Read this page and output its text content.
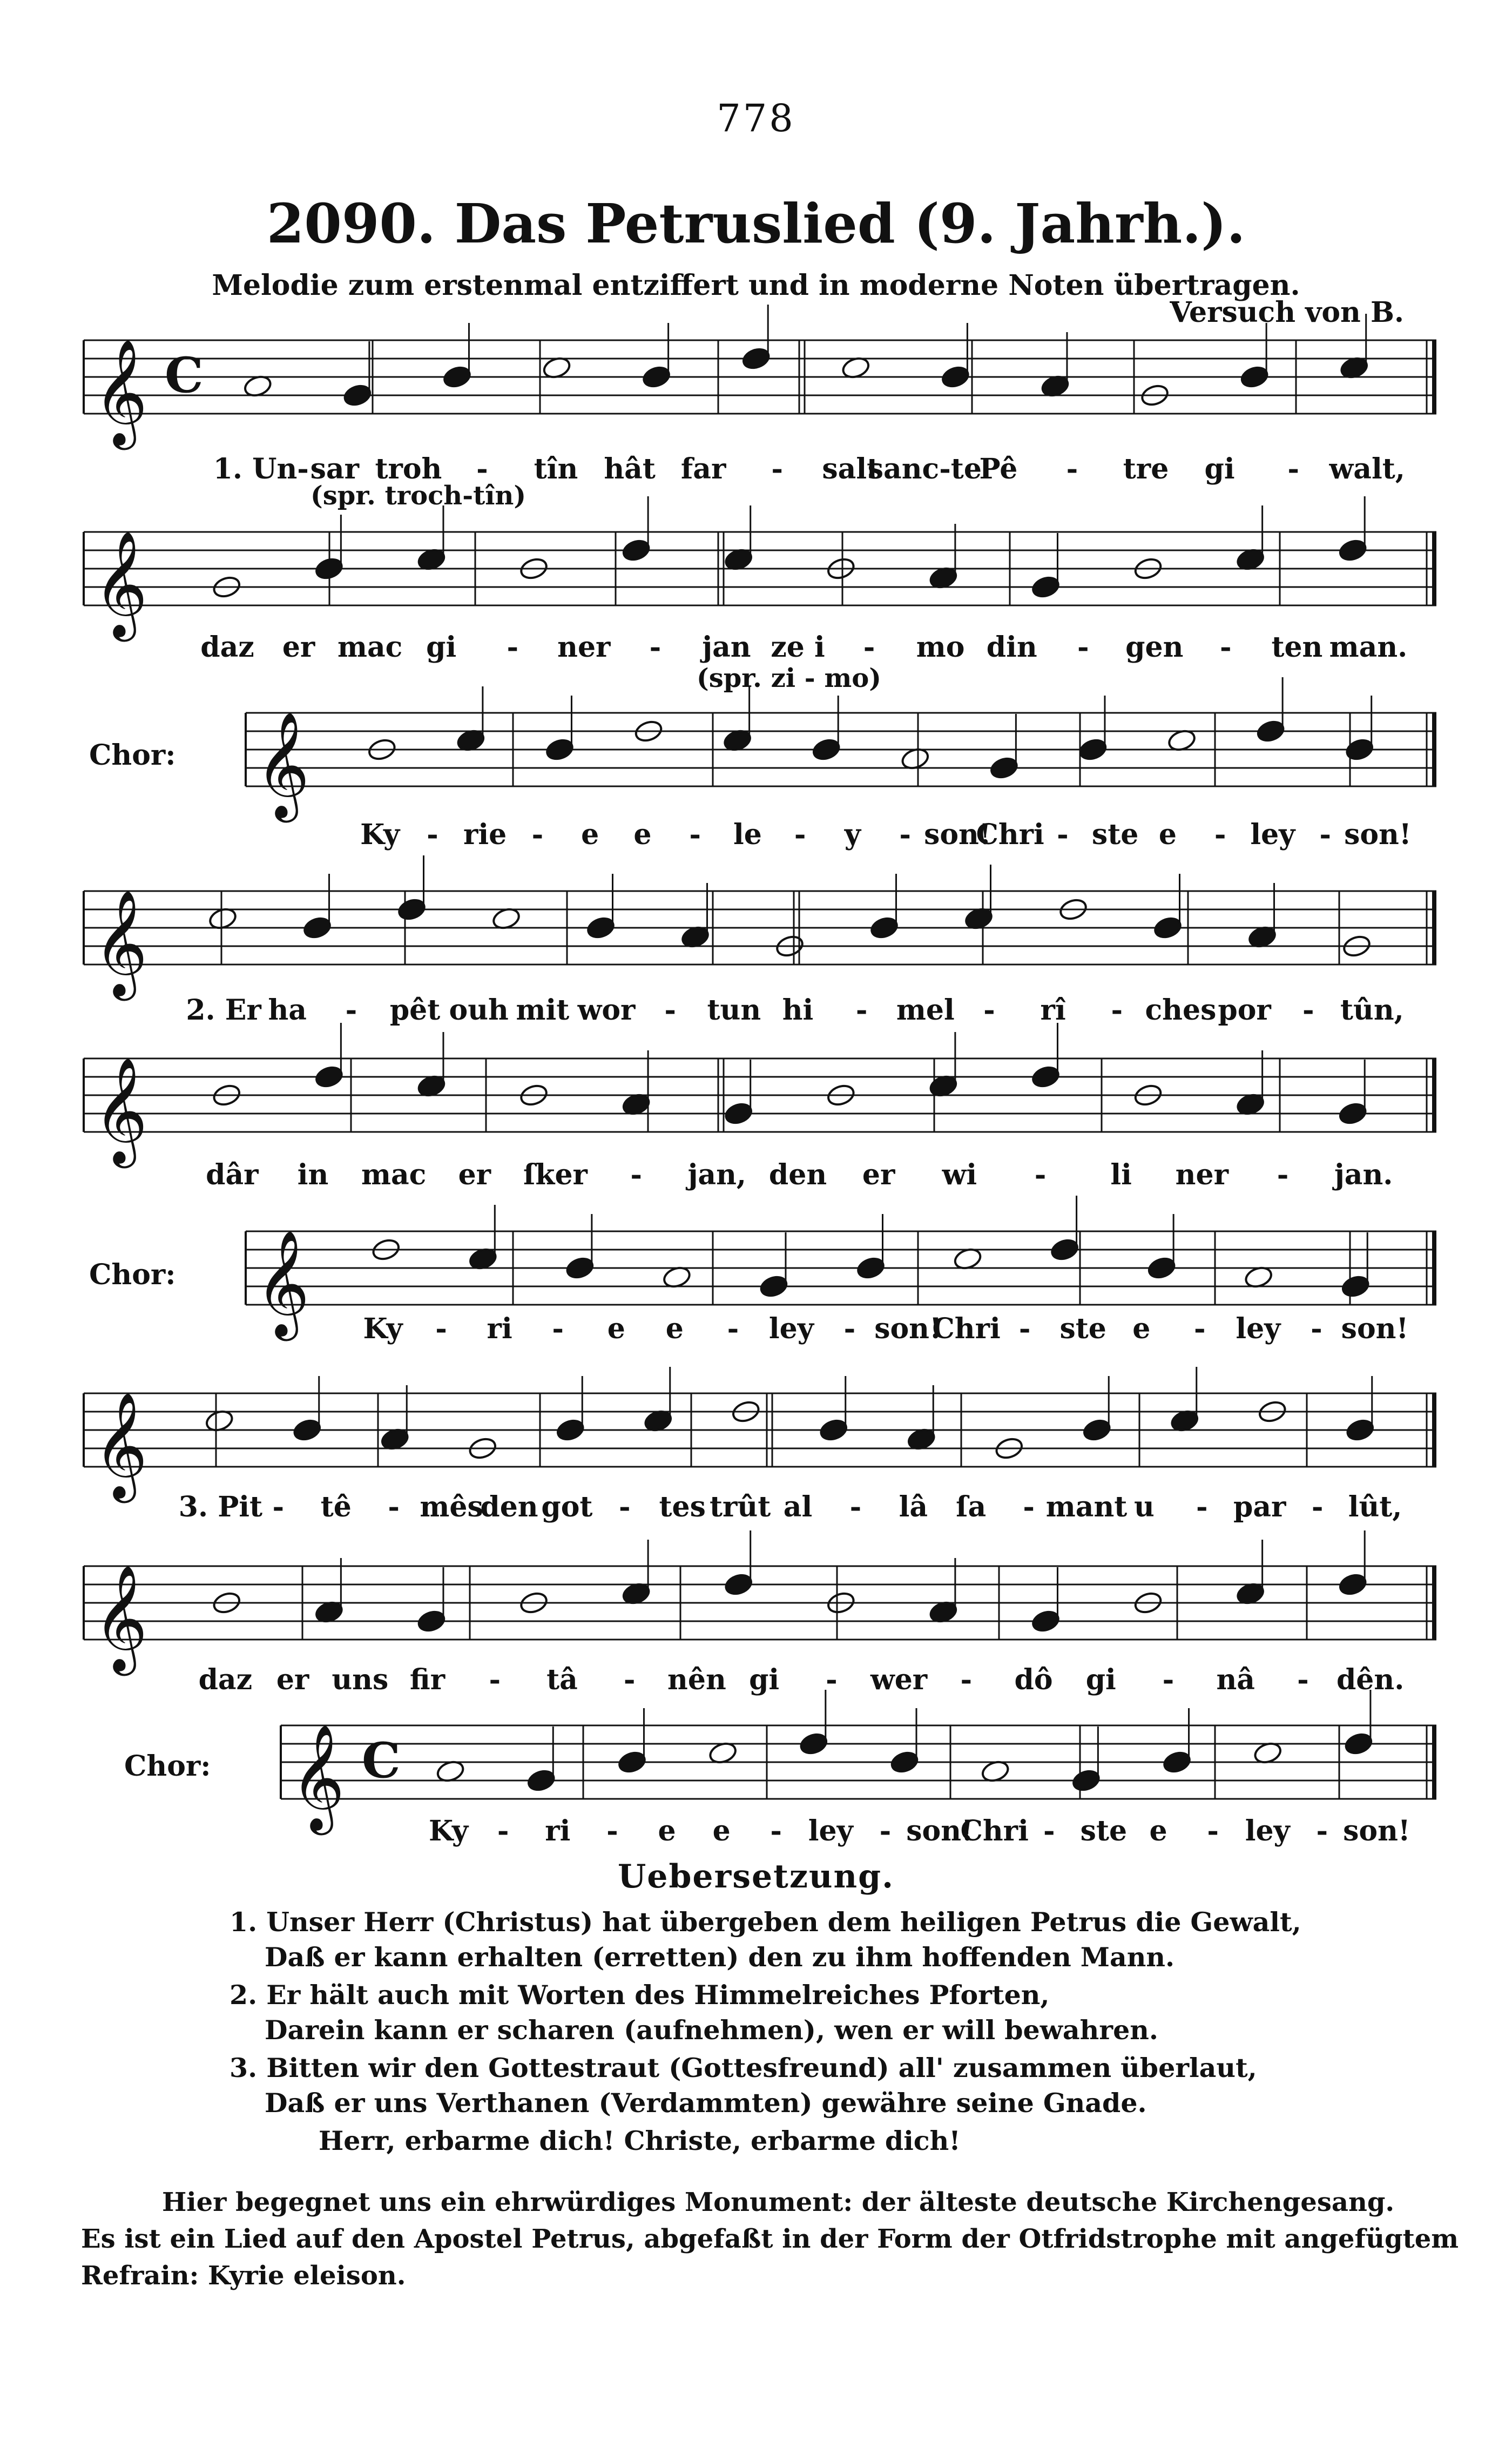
778
2090. Das Petruslied (9. Jahrh.).
Melodie zum erstenmal entziffert und in moderne Noten übertragen.
Versuch von B.
𝄞 C
1. Un- sar troh - tîn hât far - salt
sanc-te
Pê - tre gi - walt,
(spr. troch-tîn)
𝄞
daz er mac gi - ner - jan ze i - mo din - gen - ten man.
(spr. zi - mo)
𝄞
Chor:
Ky - rie - e e - le - y - son!
Chri - ste e - ley - son!
𝄞
2. Er ha - pêt ouh mit wor - tun hi - mel - rî - ches por - tûn,
𝄞
dâr in mac er ſker - jan, den er wi - li ner - jan.
𝄞
Chor:
Ky - ri - e e - ley - son!
Chri - ste e - ley - son!
𝄞
3. Pit - tê - mês
den got - tes trût al - lâ ſa - mant u - par - lût,
𝄞
daz er uns fir - tâ - nên gi - wer - dô gi - nâ - dên.
𝄞 C
Chor:
Ky - ri - e e - ley - son!
Chri - ste e - ley - son!
Uebersetzung.
1. Unser Herr (Christus) hat übergeben dem heiligen Petrus die Gewalt,
Daß er kann erhalten (erretten) den zu ihm hoffenden Mann.
2. Er hält auch mit Worten des Himmelreiches Pforten,
Darein kann er scharen (aufnehmen), wen er will bewahren.
3. Bitten wir den Gottestraut (Gottesfreund) all' zusammen überlaut,
Daß er uns Verthanen (Verdammten) gewähre seine Gnade.
Herr, erbarme dich! Christe, erbarme dich!
Hier begegnet uns ein ehrwürdiges Monument: der älteste deutsche Kirchengesang.
Es ist ein Lied auf den Apostel Petrus, abgefaßt in der Form der Otfridstrophe mit angefügtem
Refrain: Kyrie eleison.
